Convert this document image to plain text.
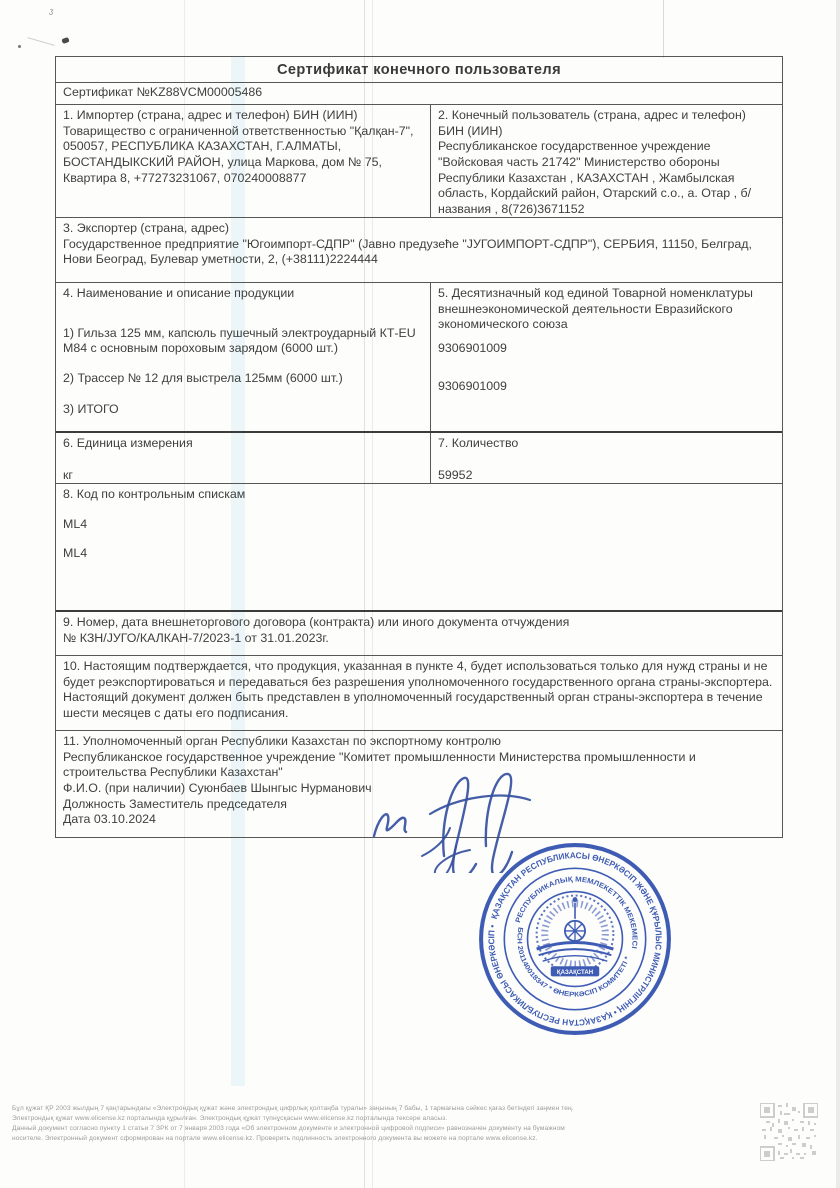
ᶾ
Сертификат конечного пользователя
Сертификат №KZ88VCM00005486
1. Импортер (страна, адрес и телефон) БИН (ИИН)
Товарищество с ограниченной ответственностью "Қалқан-7", 050057, РЕСПУБЛИКА КАЗАХСТАН, Г.АЛМАТЫ, БОСТАНДЫКСКИЙ РАЙОН, улица Маркова, дом № 75, Квартира 8, +77273231067, 070240008877
2. Конечный пользователь (страна, адрес и телефон) БИН (ИИН)
Республиканское государственное учреждение "Войсковая часть 21742" Министерство обороны Республики Казахстан , КАЗАХСТАН , Жамбылская область, Кордайский район, Отарский с.о., а. Отар , б/названия , 8(726)3671152
3. Экспортер (страна, адрес)
Государственное предприятие "Югоимпорт-СДПР" (Јавно предузеће "ЈУГОИМПОРТ-СДПР"), СЕРБИЯ, 11150, Белград, Нови Београд, Булевар уметности, 2, (+38111)2224444
4. Наименование и описание продукции
1) Гильза 125 мм, капсюль пушечный электроударный КТ-EU М84 с основным пороховым зарядом (6000 шт.)
2) Трассер № 12 для выстрела 125мм (6000 шт.)
3) ИТОГО
5. Десятизначный код единой Товарной номенклатуры внешнеэкономической деятельности Евразийского экономического союза
9306901009
9306901009
6. Единица измерения
кг
7. Количество
59952
8. Код по контрольным спискам
ML4
ML4
9. Номер, дата внешнеторгового договора (контракта) или иного документа отчуждения
№ КЗН/ЈУГО/КАЛКАН-7/2023-1 от 31.01.2023г.
10. Настоящим подтверждается, что продукция, указанная в пункте 4, будет использоваться только для нужд страны и не будет реэкспортироваться и передаваться без разрешения уполномоченного государственного органа страны-экспортера. Настоящий документ должен быть представлен в уполномоченный государственный орган страны-экспортера в течение шести месяцев с даты его подписания.
11. Уполномоченный орган Республики Казахстан по экспортному контролю
Республиканское государственное учреждение "Комитет промышленности Министерства промышленности и строительства Республики Казахстан"
Ф.И.О. (при наличии) Суюнбаев Шынгыс Нурманович
Должность Заместитель председателя
Дата 03.10.2024
ҚАЗАҚСТАН
ҚАЗАҚСТАН РЕСПУБЛИКАСЫ ӨНЕРКӘСІП ЖӘНЕ ҚҰРЫЛЫС МИНИСТРЛІГІНІҢ • ҚАЗАҚСТАН РЕСПУБЛИКАСЫ ӨНЕРКӘСІП •
РЕСПУБЛИКАЛЫҚ МЕМЛЕКЕТТІК МЕКЕМЕСІ
БСН 201140018347 * ӨНЕРКӘСІП КОМИТЕТІ *
Бұл құжат ҚР 2003 жылдың 7 қаңтарындағы «Электрондық құжат және электрондық цифрлық қолтаңба туралы» заңының 7 бабы, 1 тармағына сәйкес қағаз бетіндегі заңмен тең.
Электрондық құжат www.elicense.kz порталында құрылған. Электрондық құжат түпнұсқасын www.elicense.kz порталында тексере аласыз.
Данный документ согласно пункту 1 статьи 7 ЗРК от 7 января 2003 года «Об электронном документе и электронной цифровой подписи» равнозначен документу на бумажном
носителе. Электронный документ сформирован на портале www.elicense.kz. Проверить подлинность электронного документа вы можете на портале www.elicense.kz.
